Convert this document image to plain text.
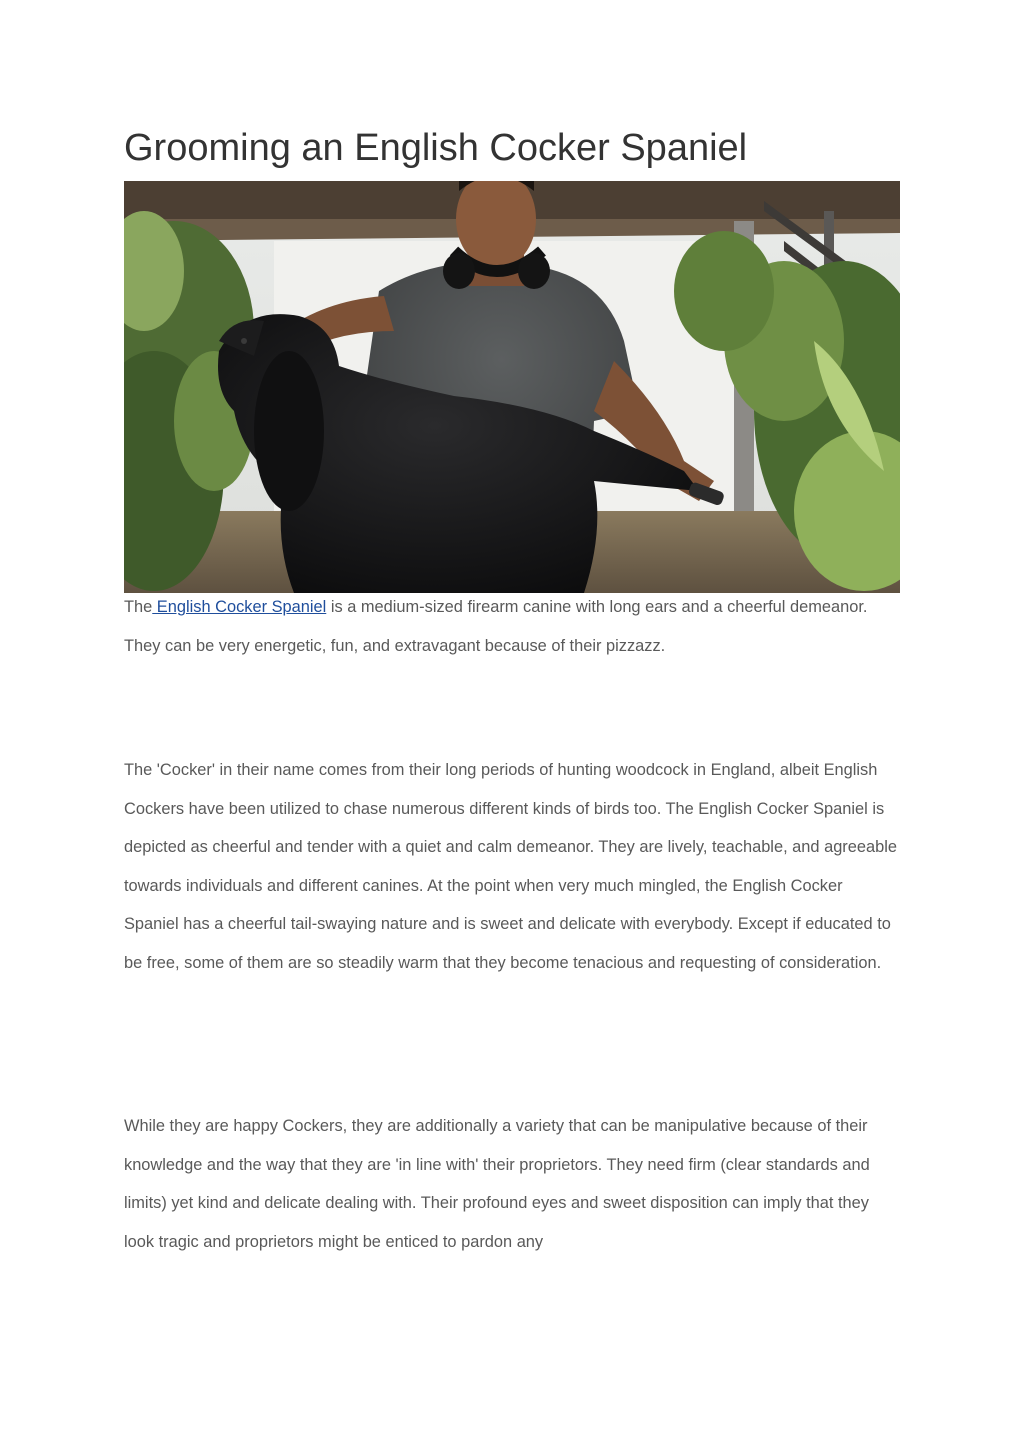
Grooming an English Cocker Spaniel

The English Cocker Spaniel is a medium-sized firearm canine with long ears and a cheerful demeanor. They can be very energetic, fun, and extravagant because of their pizzazz.

The 'Cocker' in their name comes from their long periods of hunting woodcock in England, albeit English Cockers have been utilized to chase numerous different kinds of birds too. The English Cocker Spaniel is depicted as cheerful and tender with a quiet and calm demeanor. They are lively, teachable, and agreeable towards individuals and different canines. At the point when very much mingled, the English Cocker Spaniel has a cheerful tail-swaying nature and is sweet and delicate with everybody. Except if educated to be free, some of them are so steadily warm that they become tenacious and requesting of consideration.

While they are happy Cockers, they are additionally a variety that can be manipulative because of their knowledge and the way that they are 'in line with' their proprietors. They need firm (clear standards and limits) yet kind and delicate dealing with. Their profound eyes and sweet disposition can imply that they look tragic and proprietors might be enticed to pardon any
